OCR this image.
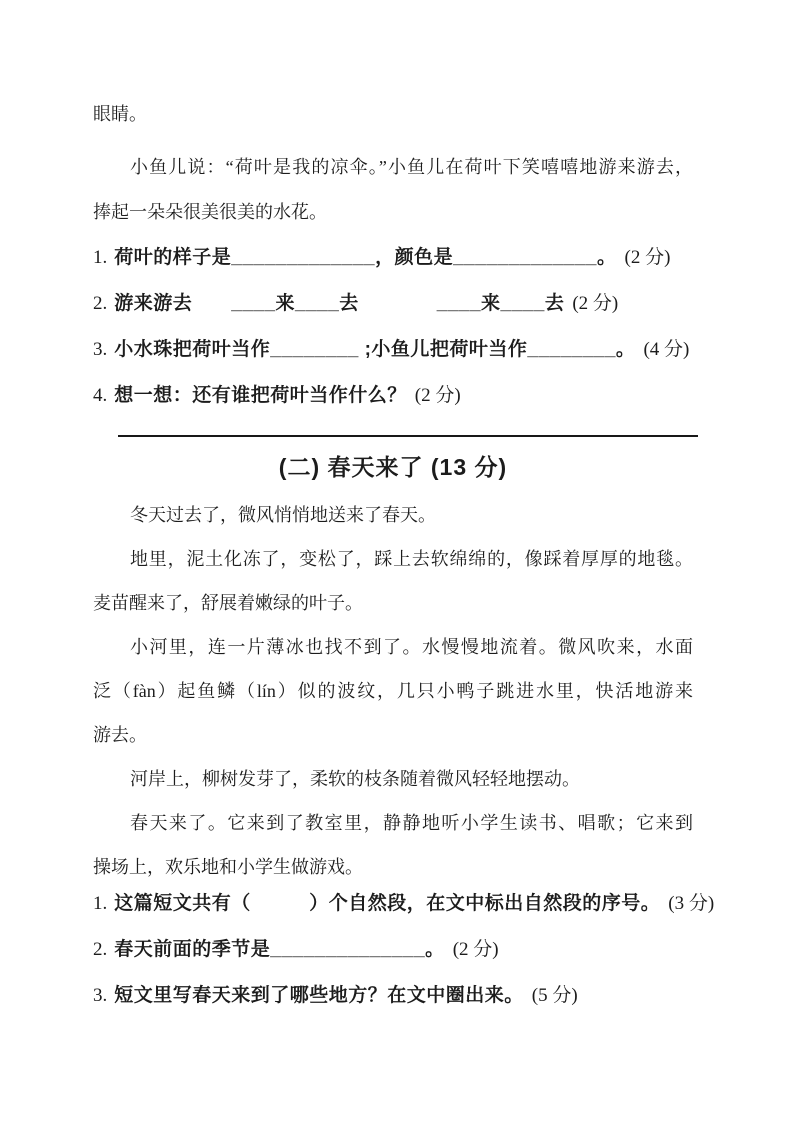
眼睛。
小鱼儿说：“荷叶是我的凉伞。”小鱼儿在荷叶下笑嘻嘻地游来游去，
捧起一朵朵很美很美的水花。
1. 荷叶的样子是_____________，颜色是_____________。 (2 分)
2. 游来游去　　____来____去　　　　____来____去 (2 分)
3. 小水珠把荷叶当作________ ;小鱼儿把荷叶当作________。 (4 分)
4. 想一想：还有谁把荷叶当作什么？ (2 分)
(二) 春天来了 (13 分)
冬天过去了，微风悄悄地送来了春天。
地里，泥土化冻了，变松了，踩上去软绵绵的，像踩着厚厚的地毯。
麦苗醒来了，舒展着嫩绿的叶子。
小河里，连一片薄冰也找不到了。水慢慢地流着。微风吹来，水面
泛（fàn）起鱼鳞（lín）似的波纹，几只小鸭子跳进水里，快活地游来
游去。
河岸上，柳树发芽了，柔软的枝条随着微风轻轻地摆动。
春天来了。它来到了教室里，静静地听小学生读书、唱歌；它来到
操场上，欢乐地和小学生做游戏。
1. 这篇短文共有（　　　）个自然段，在文中标出自然段的序号。 (3 分)
2. 春天前面的季节是______________。 (2 分)
3. 短文里写春天来到了哪些地方？在文中圈出来。 (5 分)
